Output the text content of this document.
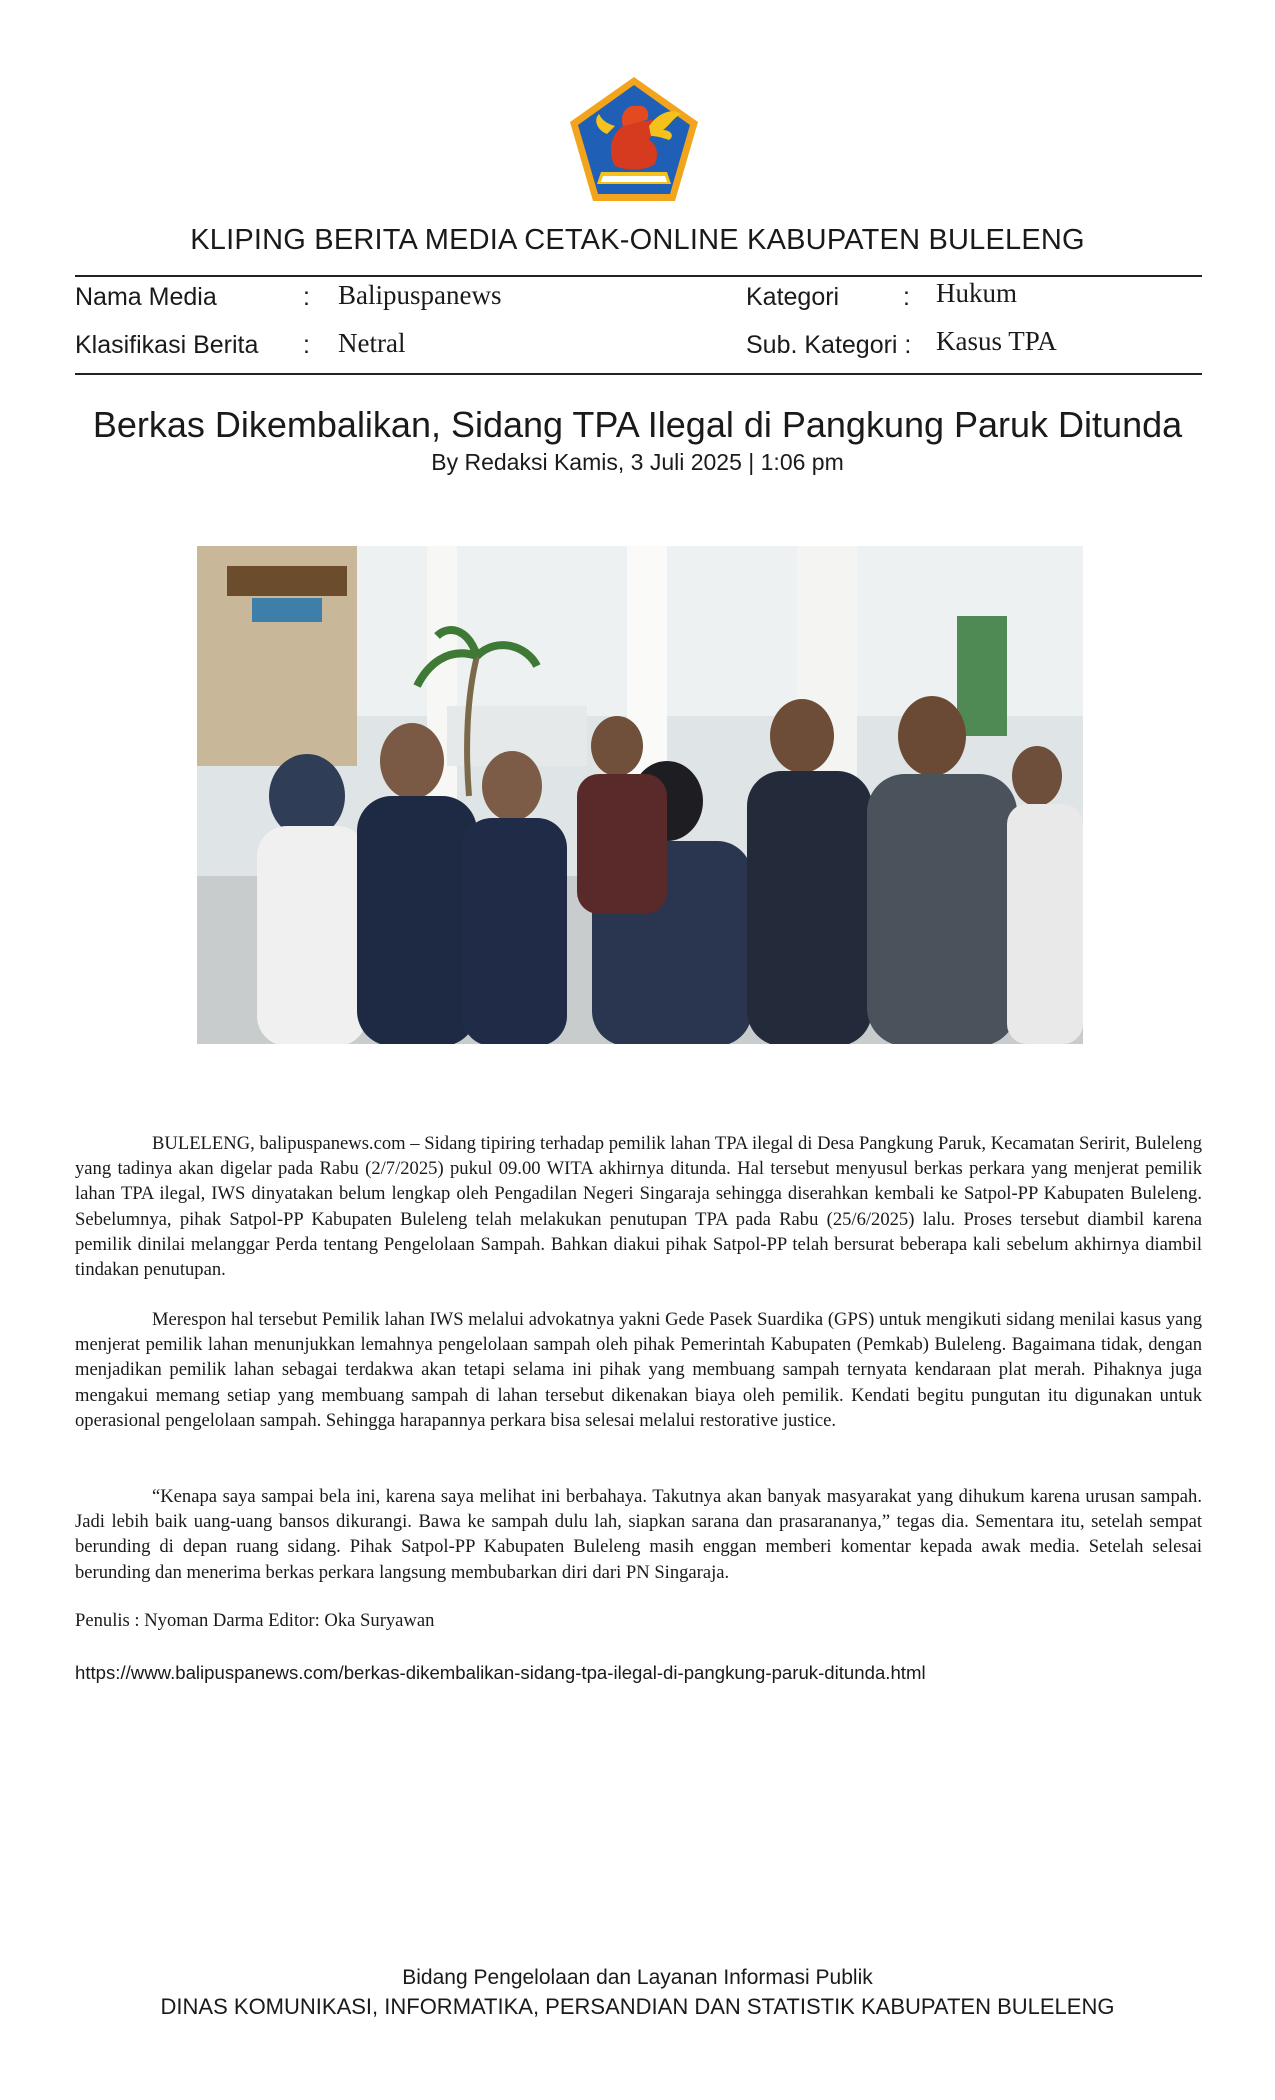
KLIPING BERITA MEDIA CETAK-ONLINE KABUPATEN BULELENG
Nama Media	: Balipuspanews
Klasifikasi Berita : Netral
Kategori	: Hukum
Sub. Kategori : Kasus TPA
Berkas Dikembalikan, Sidang TPA Ilegal di Pangkung Paruk Ditunda
By Redaksi Kamis, 3 Juli 2025 | 1:06 pm

BULELENG, balipuspanews.com – Sidang tipiring terhadap pemilik lahan TPA ilegal di Desa Pangkung Paruk, Kecamatan Seririt, Buleleng yang tadinya akan digelar pada Rabu (2/7/2025) pukul 09.00 WITA akhirnya ditunda. Hal tersebut menyusul berkas perkara yang menjerat pemilik lahan TPA ilegal, IWS dinyatakan belum lengkap oleh Pengadilan Negeri Singaraja sehingga diserahkan kembali ke Satpol-PP Kabupaten Buleleng. Sebelumnya, pihak Satpol-PP Kabupaten Buleleng telah melakukan penutupan TPA pada Rabu (25/6/2025) lalu. Proses tersebut diambil karena pemilik dinilai melanggar Perda tentang Pengelolaan Sampah. Bahkan diakui pihak Satpol-PP telah bersurat beberapa kali sebelum akhirnya diambil tindakan penutupan.

Merespon hal tersebut Pemilik lahan IWS melalui advokatnya yakni Gede Pasek Suardika (GPS) untuk mengikuti sidang menilai kasus yang menjerat pemilik lahan menunjukkan lemahnya pengelolaan sampah oleh pihak Pemerintah Kabupaten (Pemkab) Buleleng. Bagaimana tidak, dengan menjadikan pemilik lahan sebagai terdakwa akan tetapi selama ini pihak yang membuang sampah ternyata kendaraan plat merah. Pihaknya juga mengakui memang setiap yang membuang sampah di lahan tersebut dikenakan biaya oleh pemilik. Kendati begitu pungutan itu digunakan untuk operasional pengelolaan sampah. Sehingga harapannya perkara bisa selesai melalui restorative justice.

“Kenapa saya sampai bela ini, karena saya melihat ini berbahaya. Takutnya akan banyak masyarakat yang dihukum karena urusan sampah. Jadi lebih baik uang-uang bansos dikurangi. Bawa ke sampah dulu lah, siapkan sarana dan prasarananya,” tegas dia. Sementara itu, setelah sempat berunding di depan ruang sidang. Pihak Satpol-PP Kabupaten Buleleng masih enggan memberi komentar kepada awak media. Setelah selesai berunding dan menerima berkas perkara langsung membubarkan diri dari PN Singaraja.

Penulis : Nyoman Darma Editor: Oka Suryawan
https://www.balipuspanews.com/berkas-dikembalikan-sidang-tpa-ilegal-di-pangkung-paruk-ditunda.html
Bidang Pengelolaan dan Layanan Informasi Publik
DINAS KOMUNIKASI, INFORMATIKA, PERSANDIAN DAN STATISTIK KABUPATEN BULELENG
